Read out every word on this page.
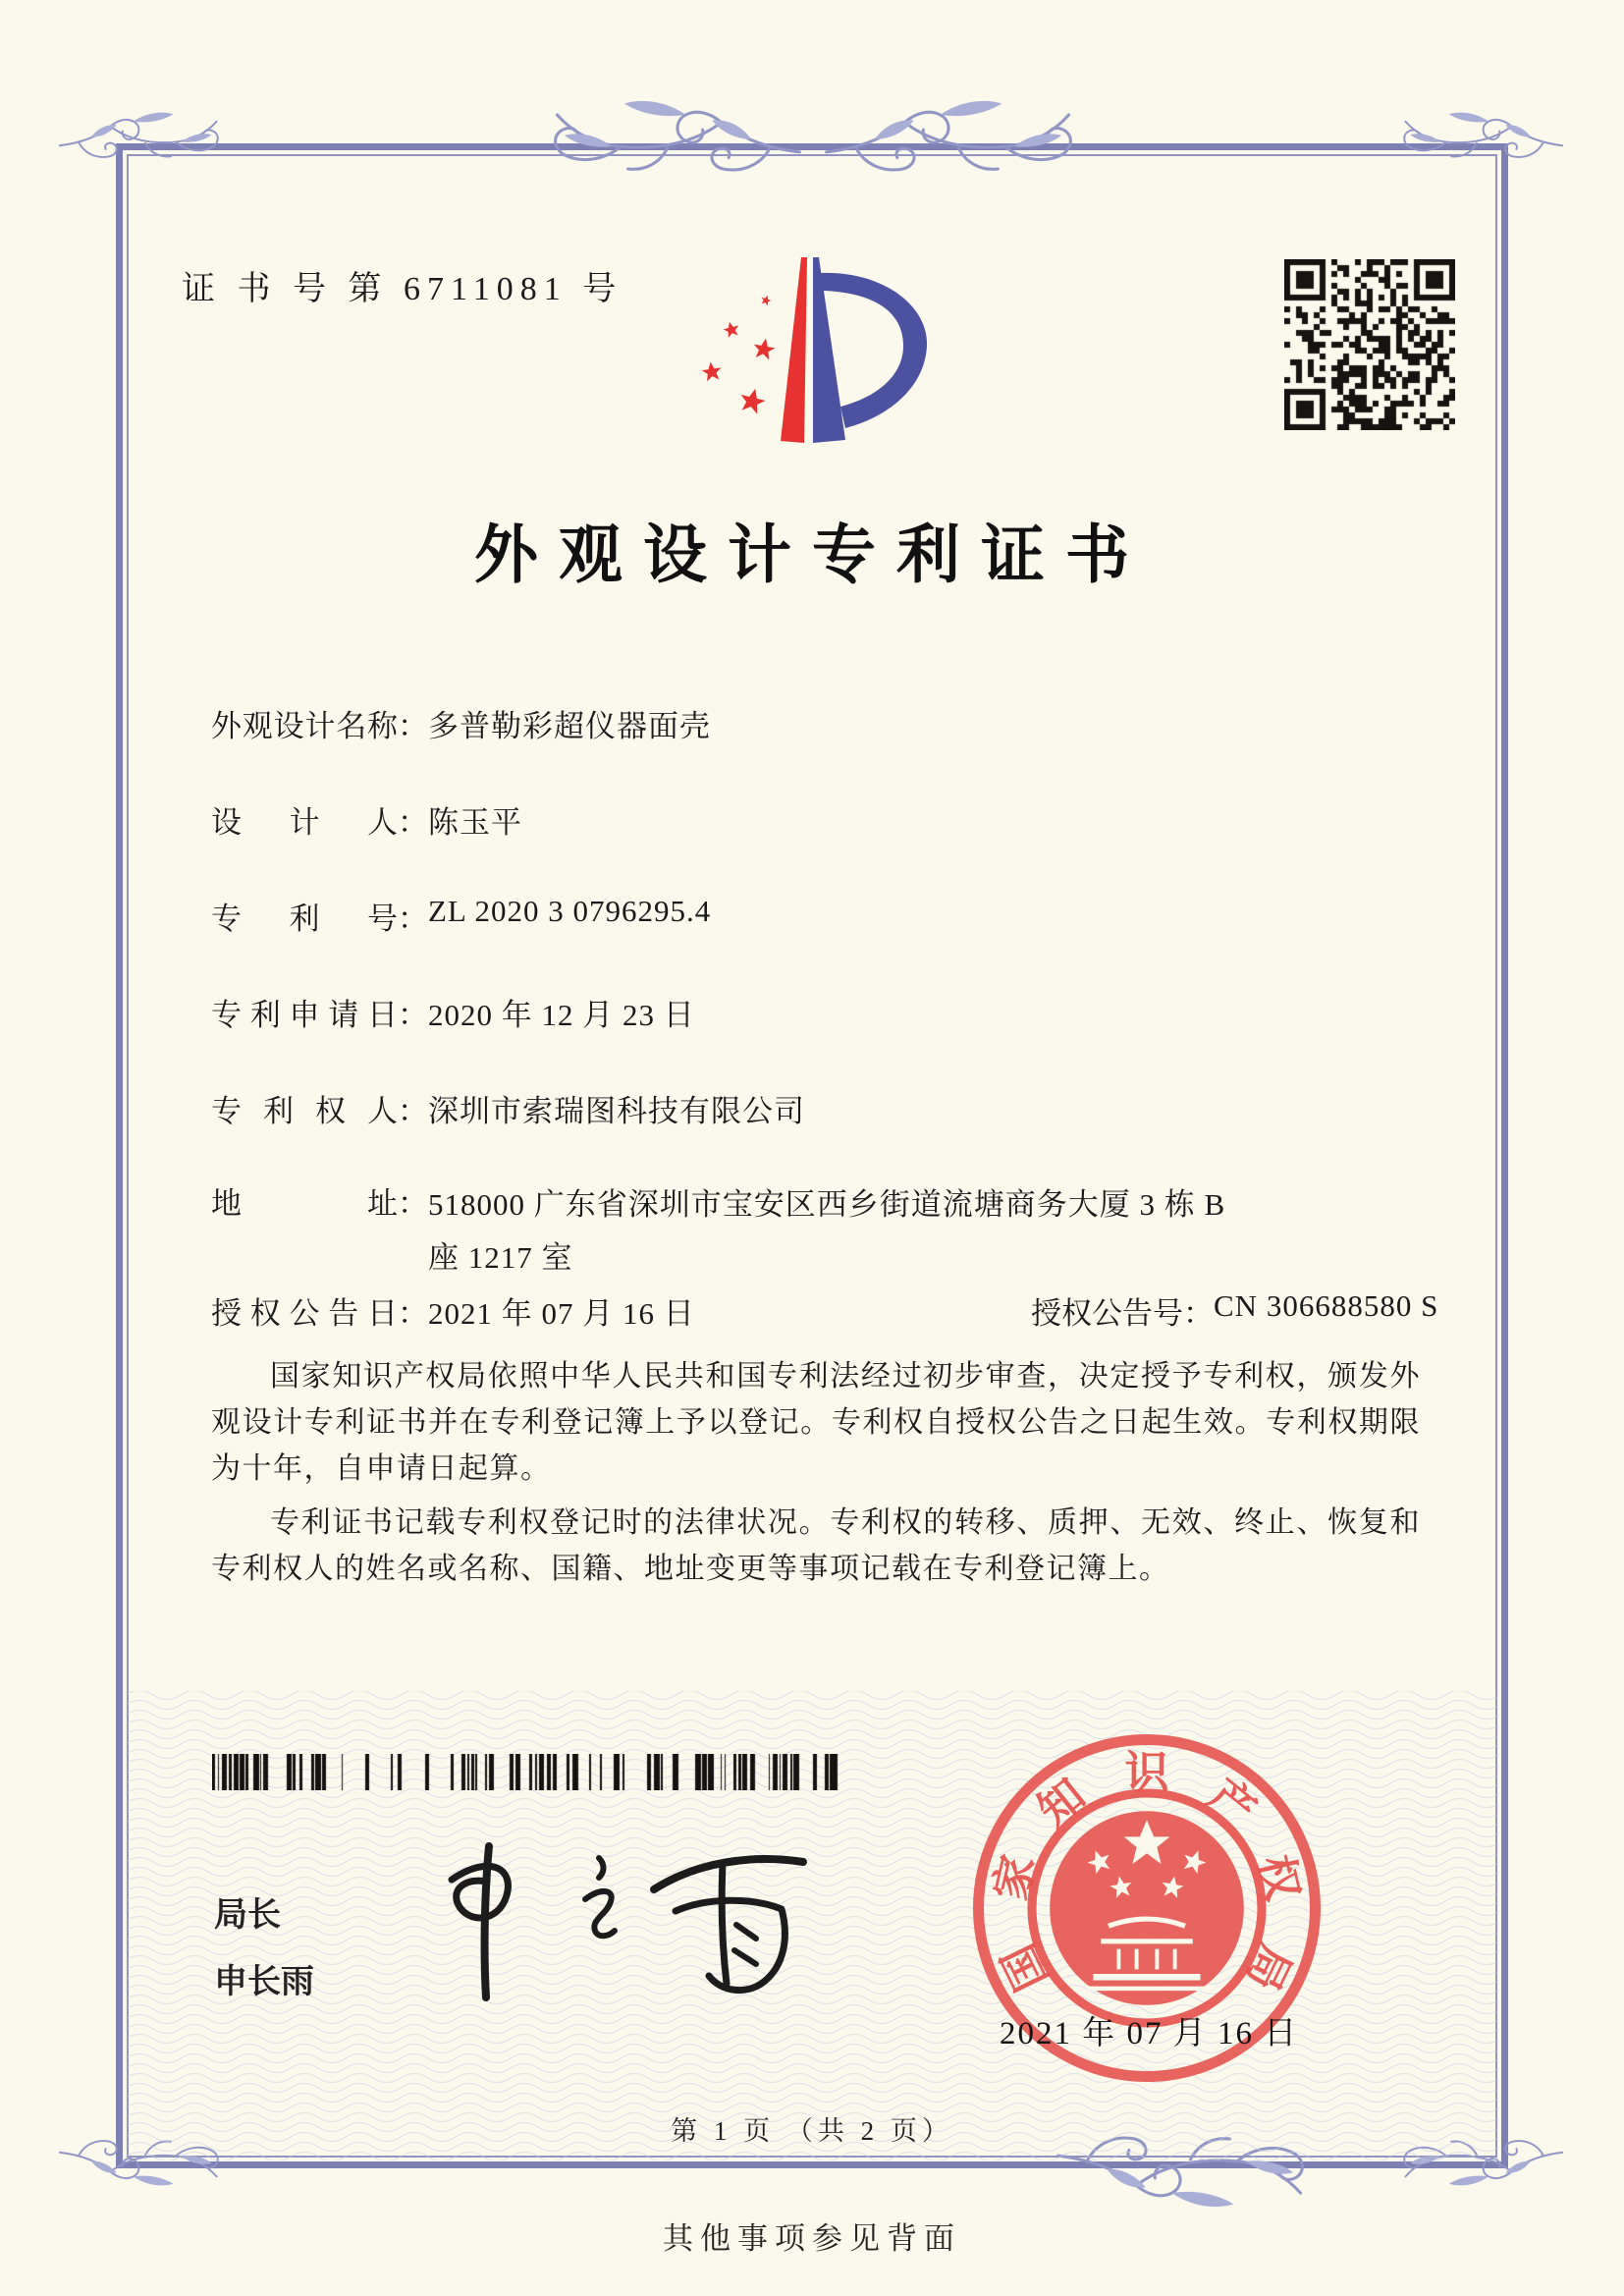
证 书 号 第 6711081 号
外观设计专利证书
外观设计名称：多普勒彩超仪器面壳
设计人：陈玉平
专利号：ZL 2020 3 0796295.4
专利申请日：2020 年 12 月 23 日
专利权人：深圳市索瑞图科技有限公司
地址：518000 广东省深圳市宝安区西乡街道流塘商务大厦 3 栋 B座 1217 室
授权公告日：2021 年 07 月 16 日	授权公告号：CN 306688580 S

国家知识产权局依照中华人民共和国专利法经过初步审查，决定授予专利权，颁发外观设计专利证书并在专利登记簿上予以登记。专利权自授权公告之日起生效。专利权期限为十年，自申请日起算。

专利证书记载专利权登记时的法律状况。专利权的转移、质押、无效、终止、恢复和专利权人的姓名或名称、国籍、地址变更等事项记载在专利登记簿上。

局长
申长雨	国
家
知 识 产
权
局
2021 年 07 月 16 日
第 1 页 （共 2 页）
其他事项参见背面
